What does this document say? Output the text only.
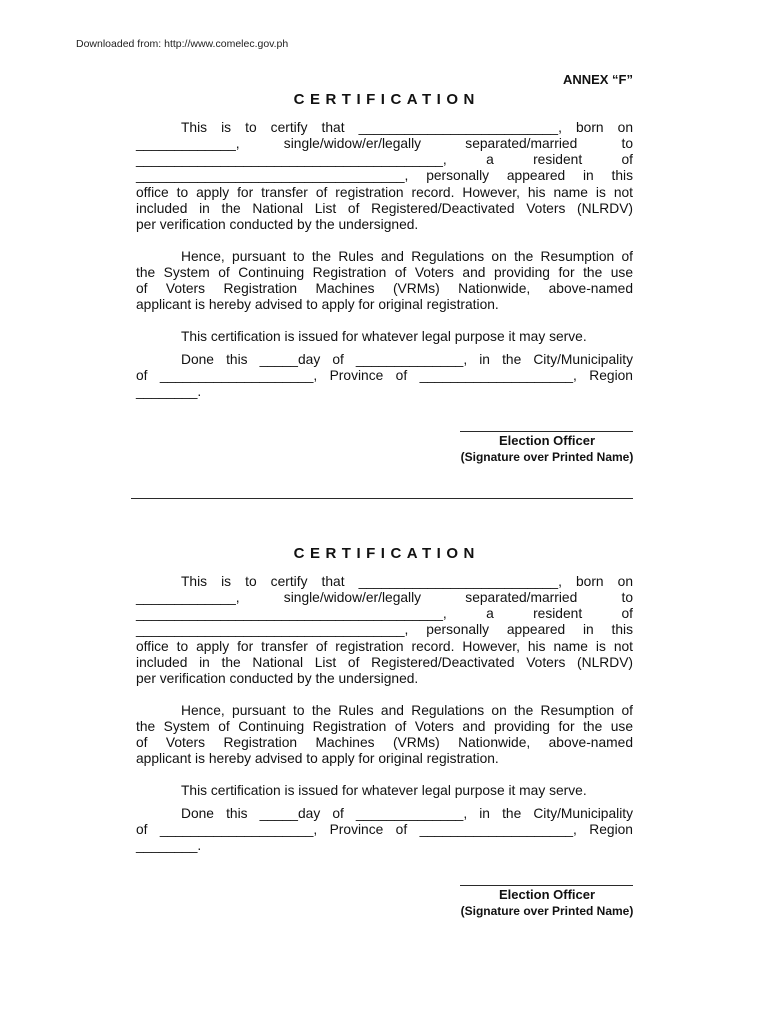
Downloaded from: http://www.comelec.gov.ph
ANNEX “F”
CERTIFICATION
This is to certify that __________________________, born on
_____________, single/widow/er/legally separated/married to
________________________________________, a resident of
___________________________________, personally appeared in this
office to apply for transfer of registration record. However, his name is not
included in the National List of Registered/Deactivated Voters (NLRDV)
per verification conducted by the undersigned.
Hence, pursuant to the Rules and Regulations on the Resumption of
the System of Continuing Registration of Voters and providing for the use
of Voters Registration Machines (VRMs) Nationwide, above-named
applicant is hereby advised to apply for original registration.
This certification is issued for whatever legal purpose it may serve.
Done this _____day of ______________, in the City/Municipality
of ____________________, Province of ____________________, Region
________.
Election Officer
(Signature over Printed Name)
CERTIFICATION
This is to certify that __________________________, born on
_____________, single/widow/er/legally separated/married to
________________________________________, a resident of
___________________________________, personally appeared in this
office to apply for transfer of registration record. However, his name is not
included in the National List of Registered/Deactivated Voters (NLRDV)
per verification conducted by the undersigned.
Hence, pursuant to the Rules and Regulations on the Resumption of
the System of Continuing Registration of Voters and providing for the use
of Voters Registration Machines (VRMs) Nationwide, above-named
applicant is hereby advised to apply for original registration.
This certification is issued for whatever legal purpose it may serve.
Done this _____day of ______________, in the City/Municipality
of ____________________, Province of ____________________, Region
________.
Election Officer
(Signature over Printed Name)
